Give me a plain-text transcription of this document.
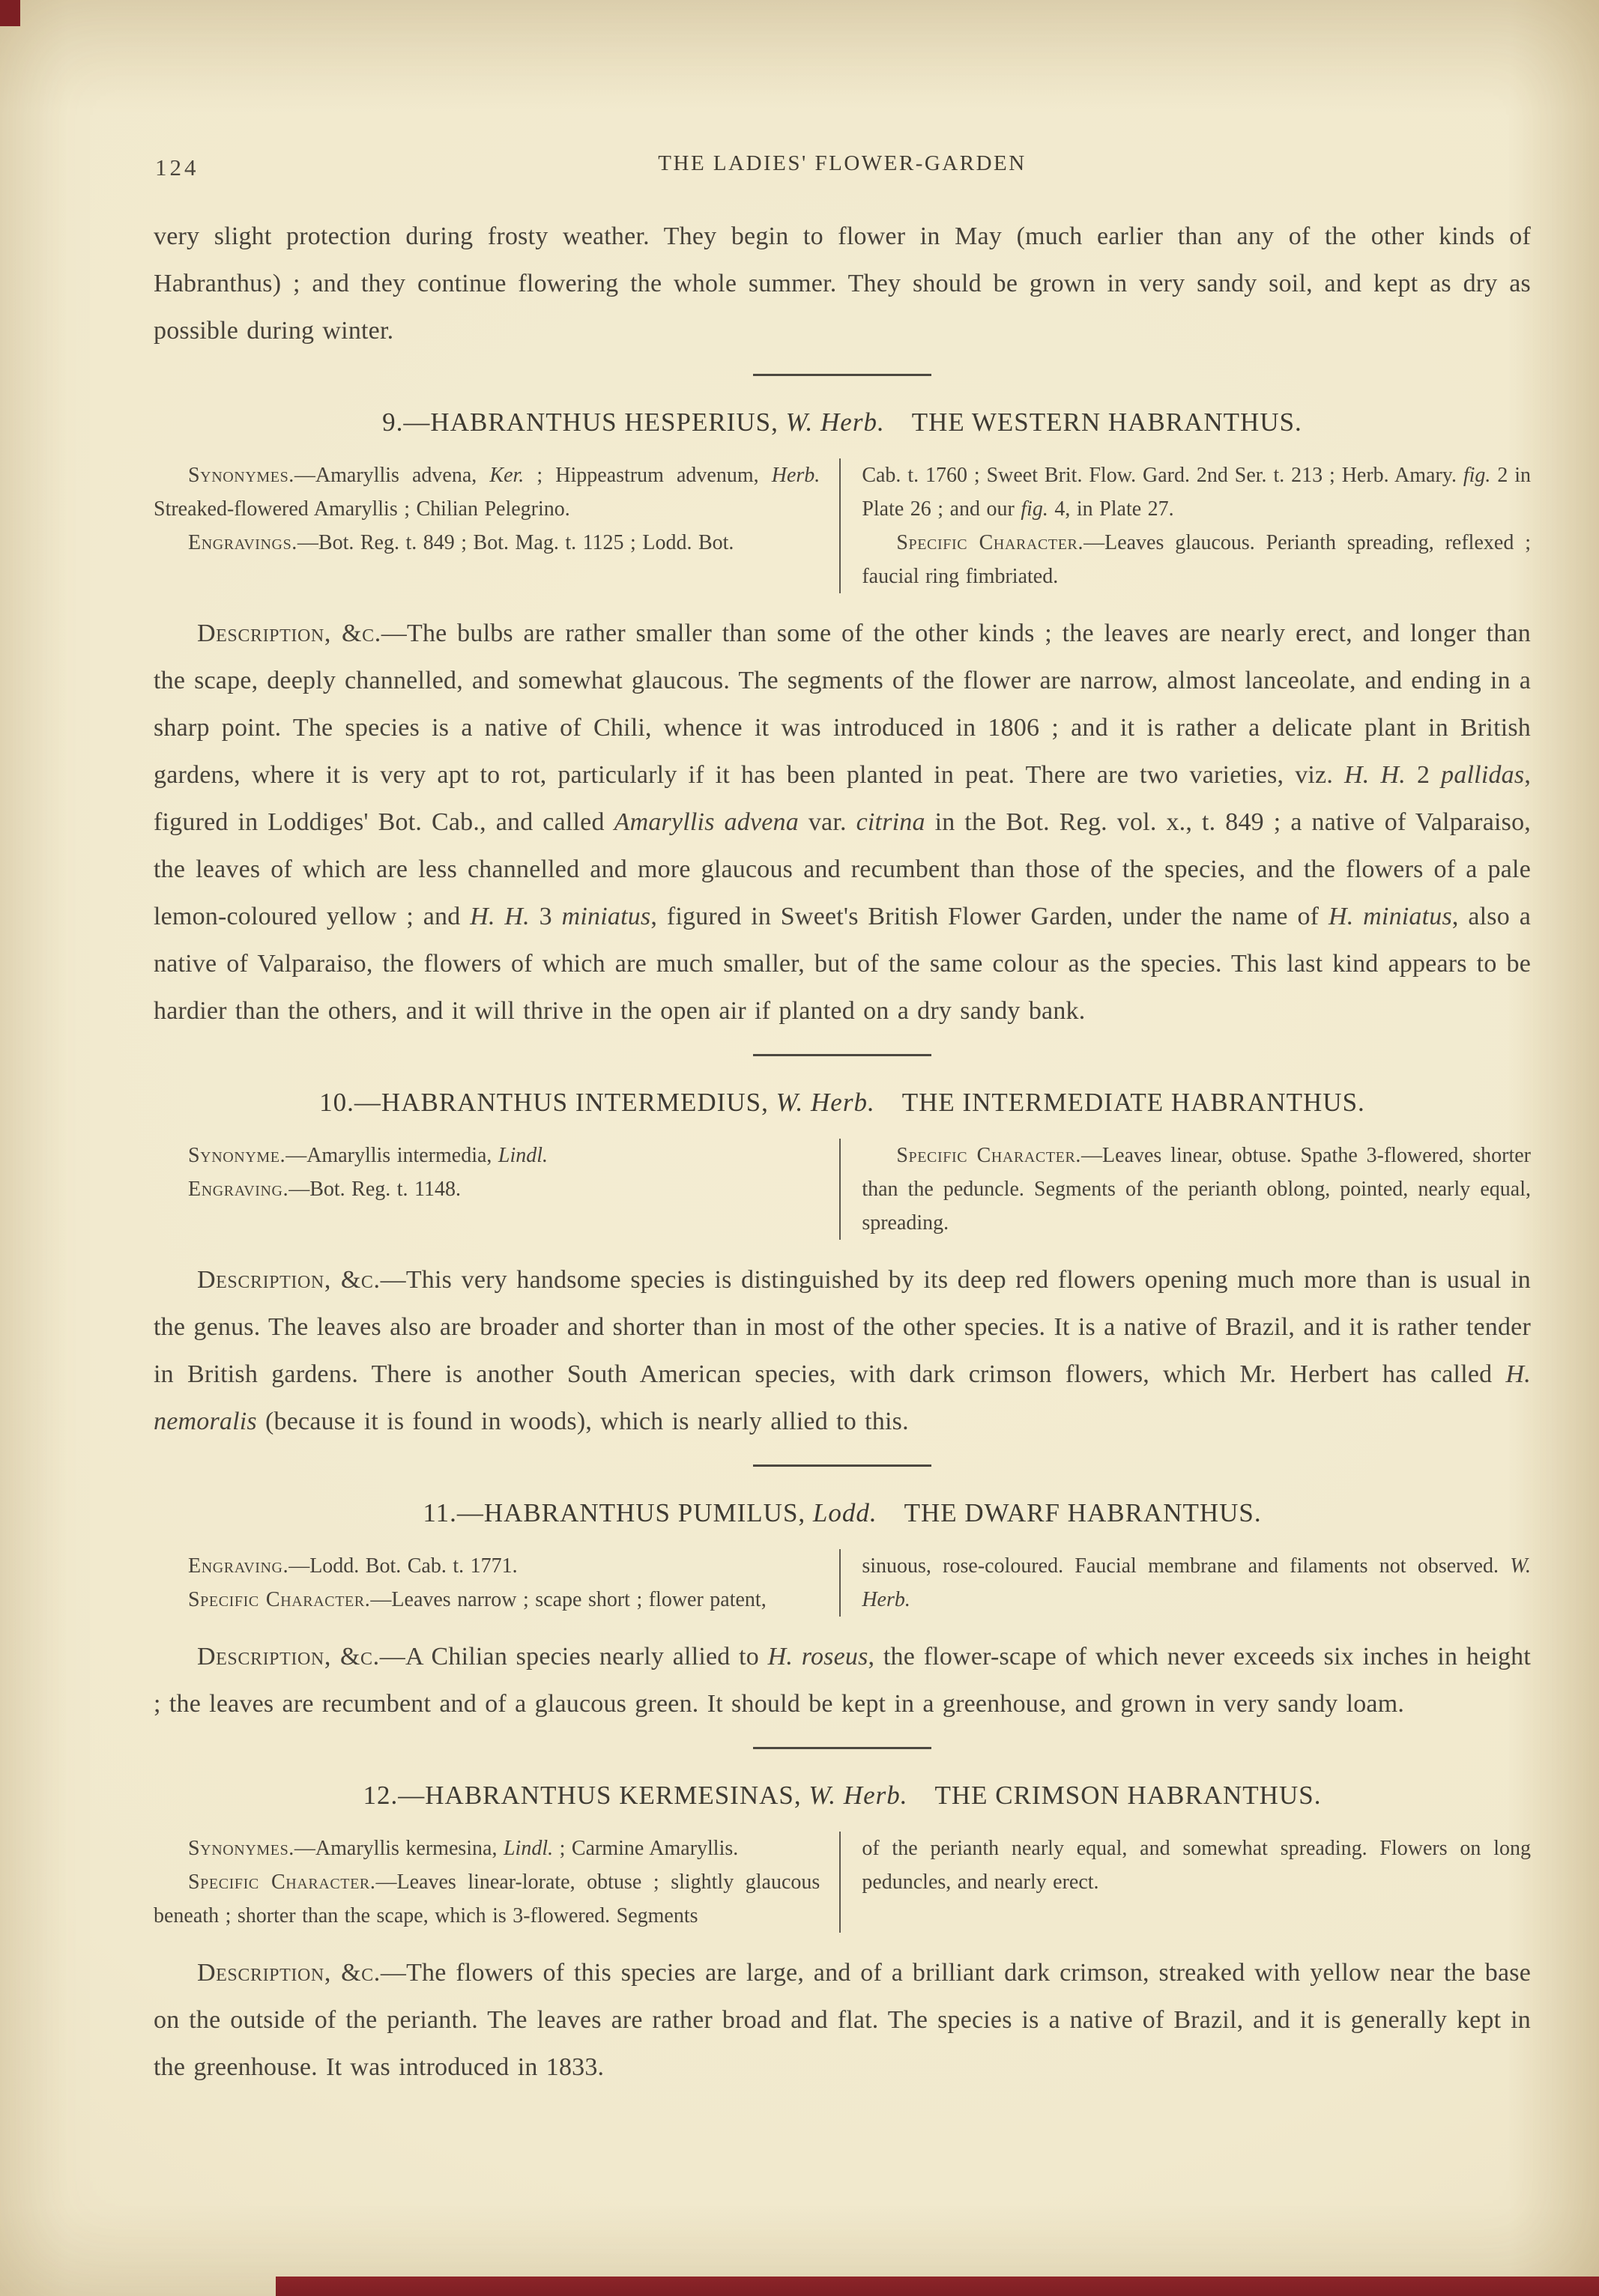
124	THE LADIES' FLOWER-GARDEN

very slight protection during frosty weather. They begin to flower in May (much earlier than any of the other kinds of Habranthus) ; and they continue flowering the whole summer. They should be grown in very sandy soil, and kept as dry as possible during winter.

9.—HABRANTHUS HESPERIUS, W. Herb. THE WESTERN HABRANTHUS.

Synonymes.—Amaryllis advena, Ker. ; Hippeastrum advenum, Herb. Streaked-flowered Amaryllis ; Chilian Pelegrino.

Engravings.—Bot. Reg. t. 849 ; Bot. Mag. t. 1125 ; Lodd. Bot.

Cab. t. 1760 ; Sweet Brit. Flow. Gard. 2nd Ser. t. 213 ; Herb. Amary. fig. 2 in Plate 26 ; and our fig. 4, in Plate 27.

Specific Character.—Leaves glaucous. Perianth spreading, reflexed ; faucial ring fimbriated.

Description, &c.—The bulbs are rather smaller than some of the other kinds ; the leaves are nearly erect, and longer than the scape, deeply channelled, and somewhat glaucous. The segments of the flower are narrow, almost lanceolate, and ending in a sharp point. The species is a native of Chili, whence it was introduced in 1806 ; and it is rather a delicate plant in British gardens, where it is very apt to rot, particularly if it has been planted in peat. There are two varieties, viz. H. H. 2 pallidas, figured in Loddiges' Bot. Cab., and called Amaryllis advena var. citrina in the Bot. Reg. vol. x., t. 849 ; a native of Valparaiso, the leaves of which are less channelled and more glaucous and recumbent than those of the species, and the flowers of a pale lemon-coloured yellow ; and H. H. 3 miniatus, figured in Sweet's British Flower Garden, under the name of H. miniatus, also a native of Valparaiso, the flowers of which are much smaller, but of the same colour as the species. This last kind appears to be hardier than the others, and it will thrive in the open air if planted on a dry sandy bank.

10.—HABRANTHUS INTERMEDIUS, W. Herb. THE INTERMEDIATE HABRANTHUS.

Synonyme.—Amaryllis intermedia, Lindl.

Engraving.—Bot. Reg. t. 1148.

Specific Character.—Leaves linear, obtuse. Spathe 3-flowered, shorter than the peduncle. Segments of the perianth oblong, pointed, nearly equal, spreading.

Description, &c.—This very handsome species is distinguished by its deep red flowers opening much more than is usual in the genus. The leaves also are broader and shorter than in most of the other species. It is a native of Brazil, and it is rather tender in British gardens. There is another South American species, with dark crimson flowers, which Mr. Herbert has called H. nemoralis (because it is found in woods), which is nearly allied to this.

11.—HABRANTHUS PUMILUS, Lodd. THE DWARF HABRANTHUS.

Engraving.—Lodd. Bot. Cab. t. 1771.

Specific Character.—Leaves narrow ; scape short ; flower patent,

sinuous, rose-coloured. Faucial membrane and filaments not observed. W. Herb.

Description, &c.—A Chilian species nearly allied to H. roseus, the flower-scape of which never exceeds six inches in height ; the leaves are recumbent and of a glaucous green. It should be kept in a greenhouse, and grown in very sandy loam.

12.—HABRANTHUS KERMESINAS, W. Herb. THE CRIMSON HABRANTHUS.

Synonymes.—Amaryllis kermesina, Lindl. ; Carmine Amaryllis.

Specific Character.—Leaves linear-lorate, obtuse ; slightly glaucous beneath ; shorter than the scape, which is 3-flowered. Segments

of the perianth nearly equal, and somewhat spreading. Flowers on long peduncles, and nearly erect.

Description, &c.—The flowers of this species are large, and of a brilliant dark crimson, streaked with yellow near the base on the outside of the perianth. The leaves are rather broad and flat. The species is a native of Brazil, and it is generally kept in the greenhouse. It was introduced in 1833.
